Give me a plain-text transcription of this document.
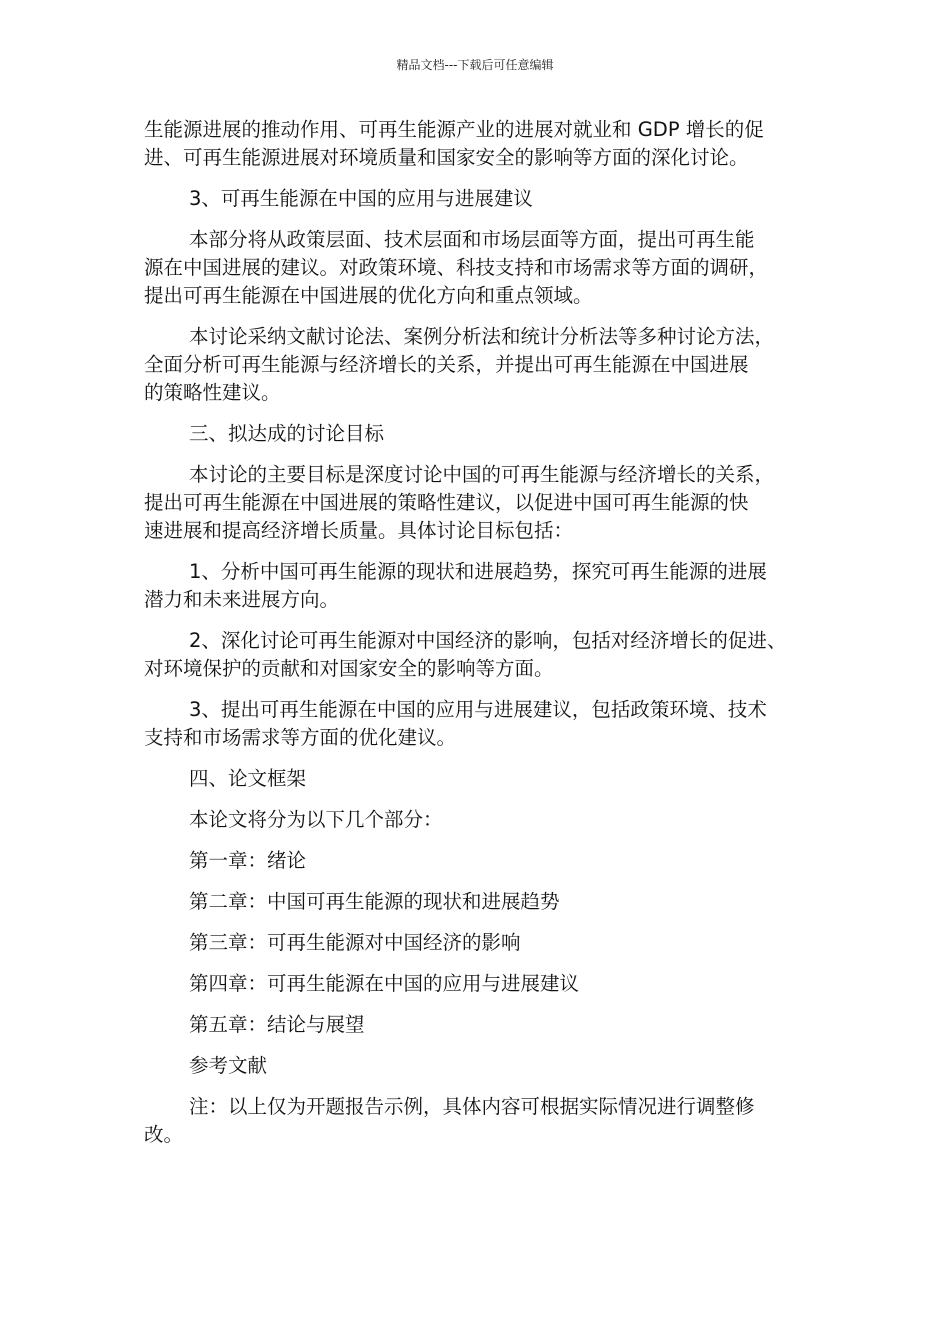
精品文档---下载后可任意编辑
生能源进展的推动作用、可再生能源产业的进展对就业和 GDP 增长的促
进、可再生能源进展对环境质量和国家安全的影响等方面的深化讨论。
3、可再生能源在中国的应用与进展建议
本部分将从政策层面、技术层面和市场层面等方面，提出可再生能
源在中国进展的建议。对政策环境、科技支持和市场需求等方面的调研，
提出可再生能源在中国进展的优化方向和重点领域。
本讨论采纳文献讨论法、案例分析法和统计分析法等多种讨论方法，
全面分析可再生能源与经济增长的关系，并提出可再生能源在中国进展
的策略性建议。
三、拟达成的讨论目标
本讨论的主要目标是深度讨论中国的可再生能源与经济增长的关系，
提出可再生能源在中国进展的策略性建议，以促进中国可再生能源的快
速进展和提高经济增长质量。具体讨论目标包括：
1、分析中国可再生能源的现状和进展趋势，探究可再生能源的进展
潜力和未来进展方向。
2、深化讨论可再生能源对中国经济的影响，包括对经济增长的促进、
对环境保护的贡献和对国家安全的影响等方面。
3、提出可再生能源在中国的应用与进展建议，包括政策环境、技术
支持和市场需求等方面的优化建议。
四、论文框架
本论文将分为以下几个部分：
第一章：绪论
第二章：中国可再生能源的现状和进展趋势
第三章：可再生能源对中国经济的影响
第四章：可再生能源在中国的应用与进展建议
第五章：结论与展望
参考文献
注：以上仅为开题报告示例，具体内容可根据实际情况进行调整修
改。
